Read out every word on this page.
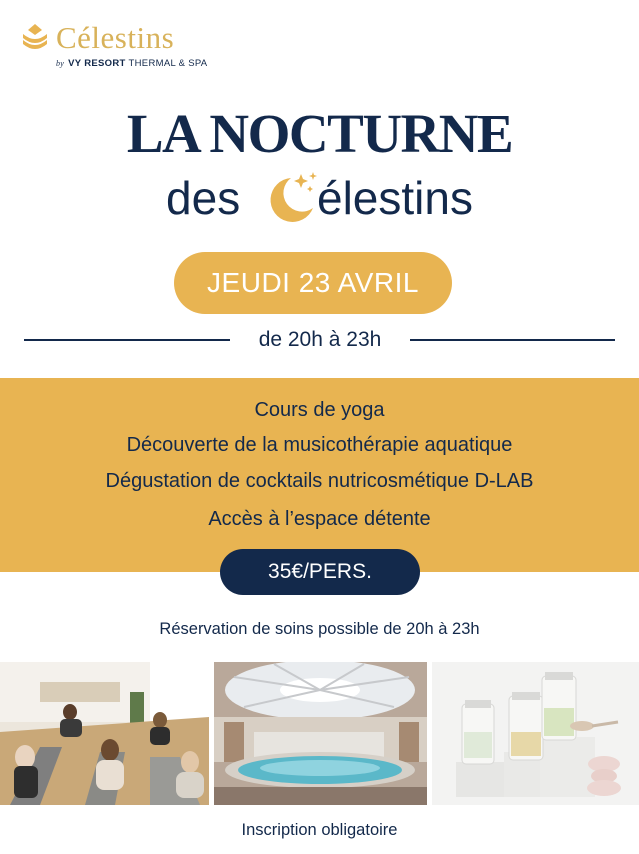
Célestins
by VY RESORT THERMAL & SPA
LA NOCTURNE
des élestins
JEUDI 23 AVRIL
de 20h à 23h
Cours de yoga
Découverte de la musicothérapie aquatique
Dégustation de cocktails nutricosmétique D-LAB
Accès à l’espace détente
35€/PERS.
Réservation de soins possible de 20h à 23h
Inscription obligatoire
